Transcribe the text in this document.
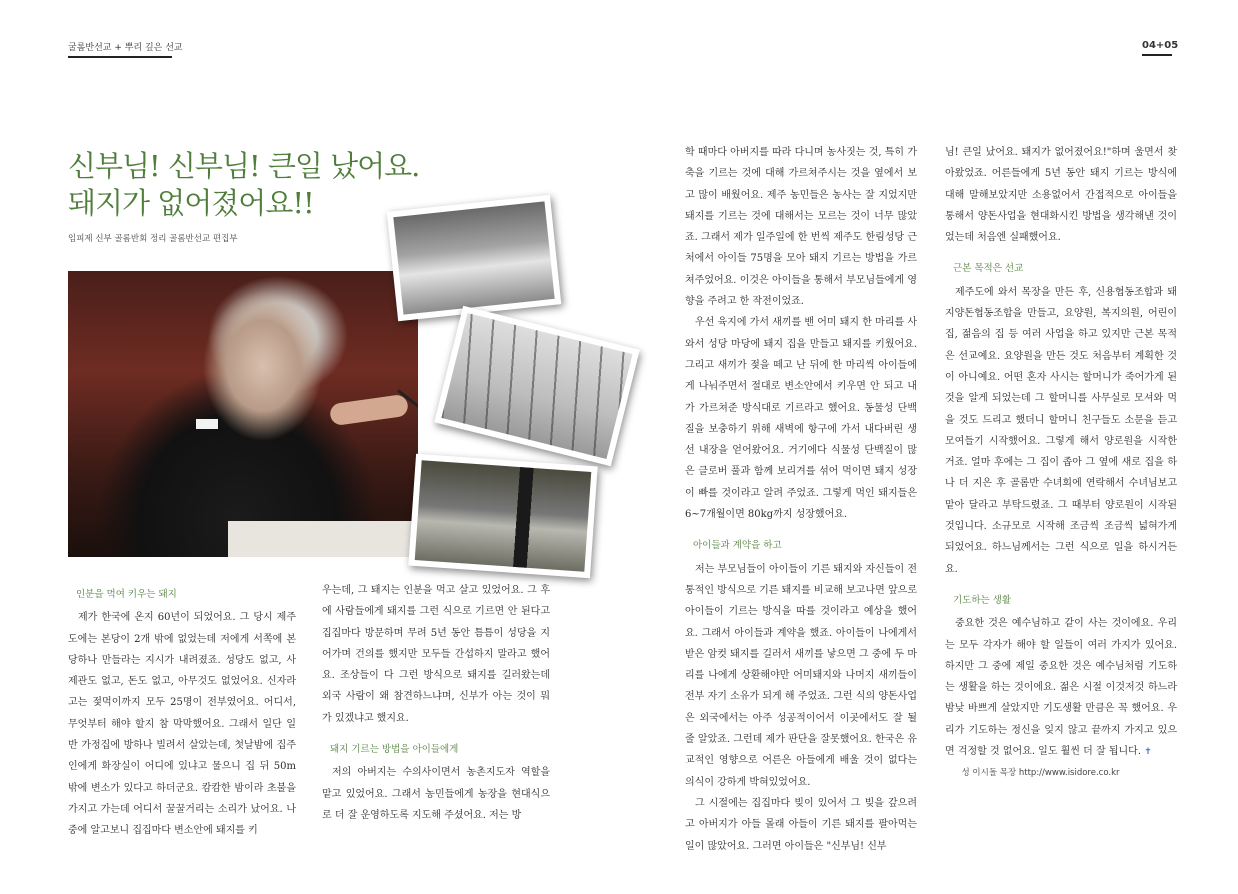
굴롬반선교 + 뿌리 깊은 선교	04+05
신부님! 신부님! 큰일 났어요.
돼지가 없어졌어요!!
임피제 신부 골롬반회 정리 골롬반선교 편집부

인분을 먹여 키우는 돼지

제가 한국에 온지 60년이 되었어요. 그 당시 제주도에는 본당이 2개 밖에 없었는데 저에게 서쪽에 본당하나 만들라는 지시가 내려졌죠. 성당도 없고, 사제관도 없고, 돈도 없고, 아무것도 없었어요. 신자라고는 젖먹이까지 모두 25명이 전부였어요. 어디서, 무엇부터 해야 할지 참 막막했어요. 그래서 일단 일반 가정집에 방하나 빌려서 살았는데, 첫날밤에 집주인에게 화장실이 어디에 있냐고 물으니 집 뒤 50m 밖에 변소가 있다고 하더군요. 캄캄한 밤이라 초불을 가지고 가는데 어디서 꿀꿀거리는 소리가 났어요. 나중에 알고보니 집집마다 변소안에 돼지를 키

우는데, 그 돼지는 인분을 먹고 살고 있었어요. 그 후에 사람들에게 돼지를 그런 식으로 기르면 안 된다고 집집마다 방문하며 무려 5년 동안 틈틈이 성당을 지어가며 건의를 했지만 모두들 간섭하지 말라고 했어요. 조상들이 다 그런 방식으로 돼지를 길러왔는데 외국 사람이 왜 참견하느냐며, 신부가 아는 것이 뭐가 있겠냐고 했지요.

돼지 기르는 방법을 아이들에게

저의 아버지는 수의사이면서 농촌지도자 역할을 맡고 있었어요. 그래서 농민들에게 농장을 현대식으로 더 잘 운영하도록 지도해 주셨어요. 저는 방

학 때마다 아버지를 따라 다니며 농사짓는 것, 특히 가축을 기르는 것에 대해 가르쳐주시는 것을 옆에서 보고 많이 배웠어요. 제주 농민들은 농사는 잘 지었지만 돼지를 기르는 것에 대해서는 모르는 것이 너무 많았죠. 그래서 제가 일주일에 한 번씩 제주도 한림성당 근처에서 아이들 75명을 모아 돼지 기르는 방법을 가르쳐주었어요. 이것은 아이들을 통해서 부모님들에게 영향을 주려고 한 작전이었죠.

우선 육지에 가서 새끼를 밴 어미 돼지 한 마리를 사와서 성당 마당에 돼지 집을 만들고 돼지를 키웠어요. 그리고 새끼가 젖을 떼고 난 뒤에 한 마리씩 아이들에게 나눠주면서 절대로 변소안에서 키우면 안 되고 내가 가르쳐준 방식대로 기르라고 했어요. 동물성 단백질을 보충하기 위해 새벽에 항구에 가서 내다버린 생선 내장을 얻어왔어요. 거기에다 식물성 단백질이 많은 클로버 풀과 함께 보리겨를 섞어 먹이면 돼지 성장이 빠를 것이라고 알려 주었죠. 그렇게 먹인 돼지들은 6~7개월이면 80kg까지 성장했어요.

아이들과 계약을 하고

저는 부모님들이 아이들이 기른 돼지와 자신들이 전통적인 방식으로 기른 돼지를 비교해 보고나면 앞으로 아이들이 기르는 방식을 따를 것이라고 예상을 했어요. 그래서 아이들과 계약을 했죠. 아이들이 나에게서 받은 암컷 돼지를 길러서 새끼를 낳으면 그 중에 두 마리를 나에게 상환해야만 어미돼지와 나머지 새끼들이 전부 자기 소유가 되게 해 주었죠. 그런 식의 양돈사업은 외국에서는 아주 성공적이어서 이곳에서도 잘 될 줄 알았죠. 그런데 제가 판단을 잘못했어요. 한국은 유교적인 영향으로 어른은 아들에게 배울 것이 없다는 의식이 강하게 박혀있었어요.

그 시절에는 집집마다 빚이 있어서 그 빚을 갚으려고 아버지가 아들 몰래 아들이 기른 돼지를 팔아먹는 일이 많았어요. 그러면 아이들은 "신부님! 신부

님! 큰일 났어요. 돼지가 없어졌어요!"하며 울면서 찾아왔었죠. 어른들에게 5년 동안 돼지 기르는 방식에 대해 말해보았지만 소용없어서 간접적으로 아이들을 통해서 양돈사업을 현대화시킨 방법을 생각해낸 것이었는데 처음엔 실패했어요.

근본 목적은 선교

제주도에 와서 목장을 만든 후, 신용협동조합과 돼지양돈협동조합을 만들고, 요양원, 복지의원, 어린이 집, 젊음의 집 등 여러 사업을 하고 있지만 근본 목적은 선교예요. 요양원을 만든 것도 처음부터 계획한 것이 아니예요. 어떤 혼자 사시는 할머니가 죽어가게 된 것을 알게 되었는데 그 할머니를 사무실로 모셔와 먹을 것도 드리고 했더니 할머니 친구들도 소문을 듣고 모여들기 시작했어요. 그렇게 해서 양로원을 시작한 거죠. 얼마 후에는 그 집이 좁아 그 옆에 새로 집을 하나 더 지은 후 골롬반 수녀회에 연락해서 수녀님보고 맡아 달라고 부탁드렸죠. 그 때부터 양로원이 시작된 것입니다. 소규모로 시작해 조금씩 조금씩 넓혀가게 되었어요. 하느님께서는 그런 식으로 일을 하시거든요.

기도하는 생활

중요한 것은 예수님하고 같이 사는 것이에요. 우리는 모두 각자가 해야 할 일들이 여러 가지가 있어요. 하지만 그 중에 제일 중요한 것은 예수님처럼 기도하는 생활을 하는 것이에요. 젊은 시절 이것저것 하느라 밤낮 바쁘게 살았지만 기도생활 만큼은 꼭 했어요. 우리가 기도하는 정신을 잊지 않고 끝까지 가지고 있으면 걱정할 것 없어요. 일도 훨씬 더 잘 됩니다. ✝

성 이시돌 목장 http://www.isidore.co.kr
